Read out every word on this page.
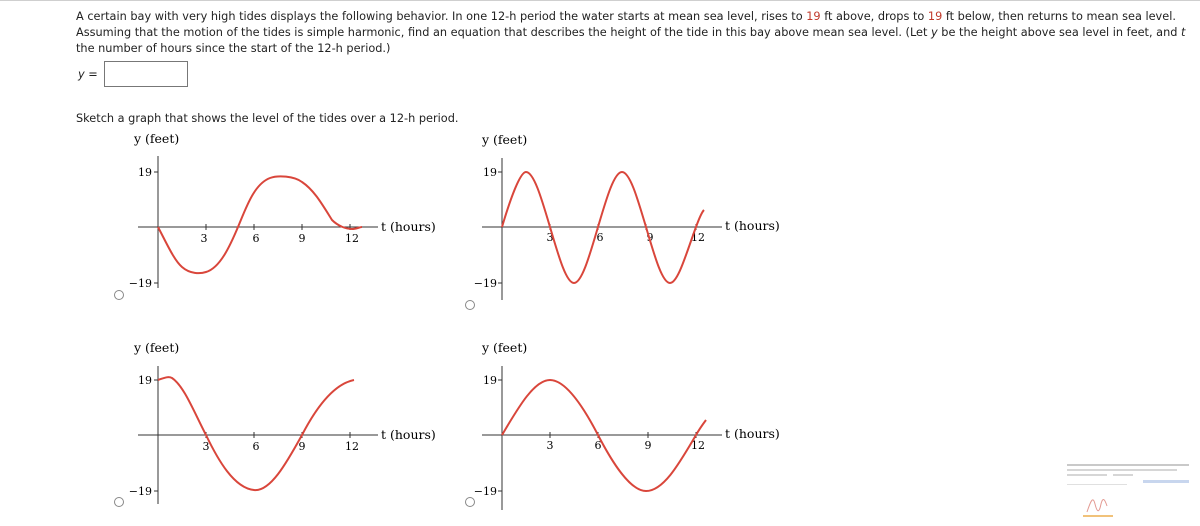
A certain bay with very high tides displays the following behavior. In one 12-h period the water starts at mean sea level, rises to 19 ft above, drops to 19 ft below, then returns to mean sea level. Assuming that the motion of the tides is simple harmonic, find an equation that describes the height of the tide in this bay above mean sea level. (Let y be the height above sea level in feet, and t the number of hours since the start of the 12-h period.)
y =
Sketch a graph that shows the level of the tides over a 12-h period.
y (feet)
19
−19
3	6	9	12
t (hours)
y (feet)
19
−19
3	6	9	12
t (hours)
y (feet)
19
−19
3	6	9	12
t (hours)
y (feet)
19
−19
3	6	9	12
t (hours)
